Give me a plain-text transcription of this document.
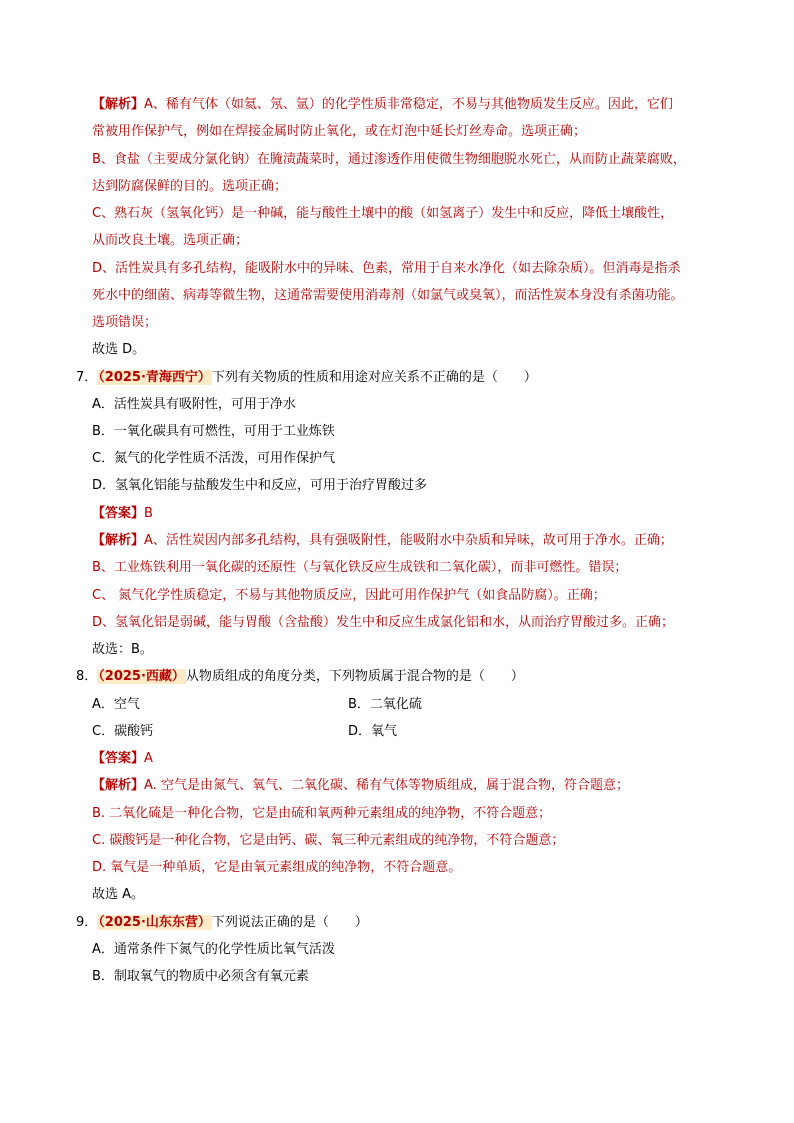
【解析】A、稀有气体（如氦、氖、氩）的化学性质非常稳定，不易与其他物质发生反应。因此，它们
常被用作保护气，例如在焊接金属时防止氧化，或在灯泡中延长灯丝寿命。选项正确；
B、食盐（主要成分氯化钠）在腌渍蔬菜时，通过渗透作用使微生物细胞脱水死亡，从而防止蔬菜腐败，
达到防腐保鲜的目的。选项正确；
C、熟石灰（氢氧化钙）是一种碱，能与酸性土壤中的酸（如氢离子）发生中和反应，降低土壤酸性，
从而改良土壤。选项正确；
D、活性炭具有多孔结构，能吸附水中的异味、色素，常用于自来水净化（如去除杂质）。但消毒是指杀
死水中的细菌、病毒等微生物，这通常需要使用消毒剂（如氯气或臭氧），而活性炭本身没有杀菌功能。
选项错误；
故选 D。
7．（2025·青海西宁）下列有关物质的性质和用途对应关系不正确的是（　　）
A．活性炭具有吸附性，可用于净水
B．一氧化碳具有可燃性，可用于工业炼铁
C．氮气的化学性质不活泼，可用作保护气
D．氢氧化铝能与盐酸发生中和反应，可用于治疗胃酸过多
【答案】B
【解析】A、活性炭因内部多孔结构，具有强吸附性，能吸附水中杂质和异味，故可用于净水。正确；
B、工业炼铁利用一氧化碳的还原性（与氧化铁反应生成铁和二氧化碳），而非可燃性。错误；
C、 氮气化学性质稳定，不易与其他物质反应，因此可用作保护气（如食品防腐）。正确；
D、氢氧化铝是弱碱，能与胃酸（含盐酸）发生中和反应生成氯化铝和水，从而治疗胃酸过多。正确；
故选：B。
8．（2025·西藏）从物质组成的角度分类，下列物质属于混合物的是（　　）
A．空气	B．二氧化硫
C．碳酸钙	D．氧气
【答案】A
【解析】A. 空气是由氮气、氧气、二氧化碳、稀有气体等物质组成，属于混合物，符合题意；
B. 二氧化硫是一种化合物，它是由硫和氧两种元素组成的纯净物，不符合题意；
C. 碳酸钙是一种化合物，它是由钙、碳、氧三种元素组成的纯净物，不符合题意；
D. 氧气是一种单质，它是由氧元素组成的纯净物，不符合题意。
故选 A。
9．（2025·山东东营）下列说法正确的是（　　）
A．通常条件下氮气的化学性质比氧气活泼
B．制取氧气的物质中必须含有氧元素
